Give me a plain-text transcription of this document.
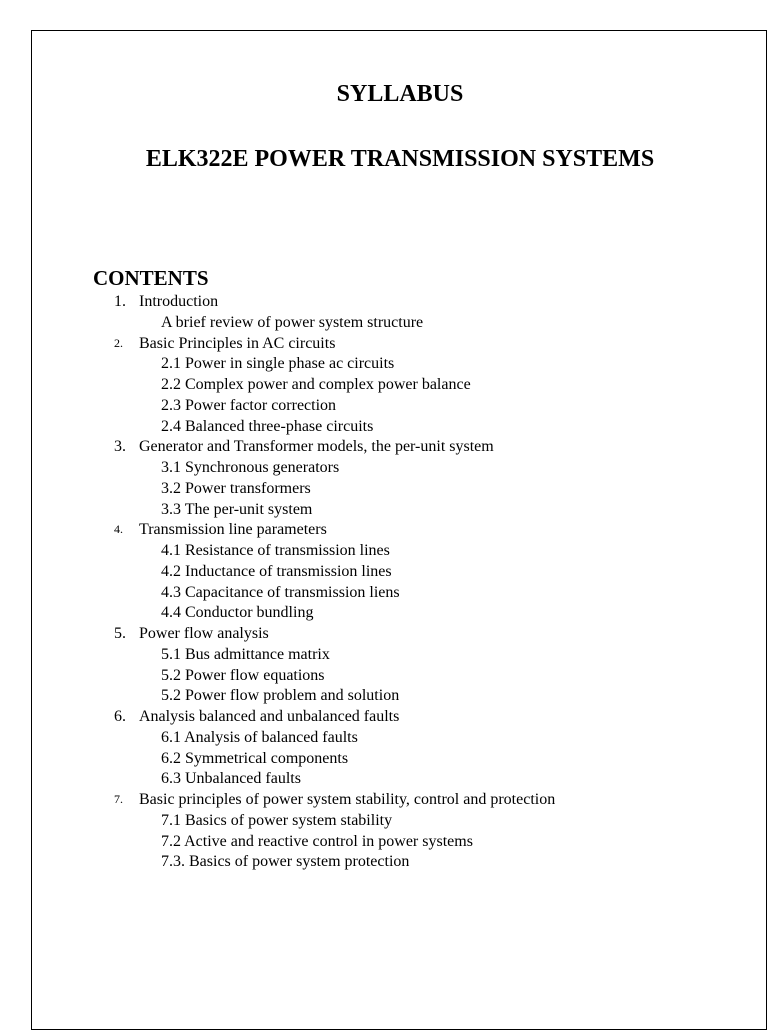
SYLLABUS
ELK322E POWER TRANSMISSION SYSTEMS
CONTENTS
1. Introduction
A brief review of power system structure
2.	Basic Principles in AC circuits
2.1 Power in single phase ac circuits
2.2 Complex power and complex power balance
2.3 Power factor correction
2.4 Balanced three-phase circuits
3. Generator and Transformer models, the per-unit system
3.1 Synchronous generators
3.2 Power transformers
3.3 The per-unit system
4.	Transmission line parameters
4.1 Resistance of transmission lines
4.2 Inductance of transmission lines
4.3 Capacitance of transmission liens
4.4 Conductor bundling
5. Power flow analysis
5.1 Bus admittance matrix
5.2 Power flow equations
5.2 Power flow problem and solution
6. Analysis balanced and unbalanced faults
6.1 Analysis of balanced faults
6.2 Symmetrical components
6.3 Unbalanced faults
7.	Basic principles of power system stability, control and protection
7.1 Basics of power system stability
7.2 Active and reactive control in power systems
7.3. Basics of power system protection
